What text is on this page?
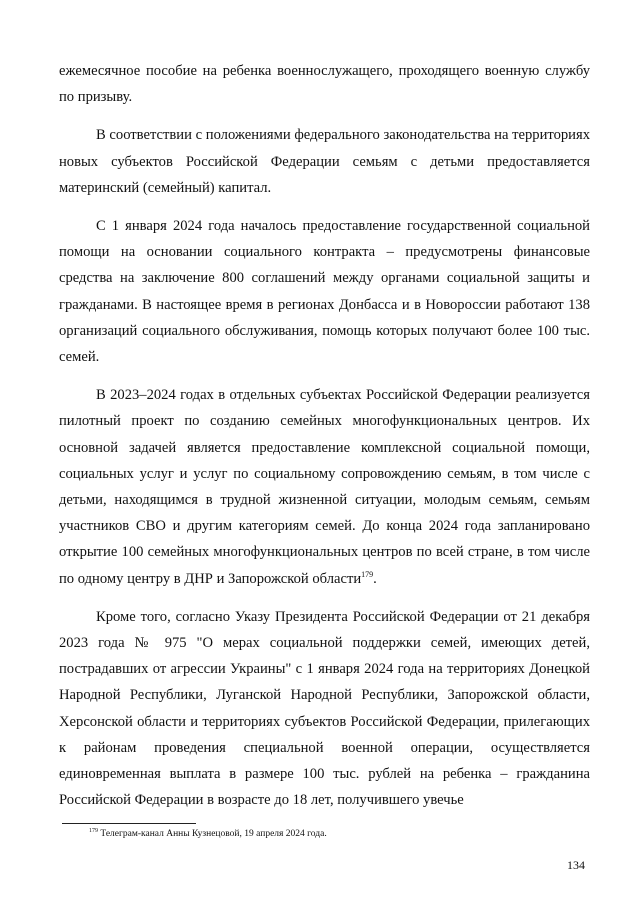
ежемесячное пособие на ребенка военнослужащего, проходящего военную службу по призыву.

В соответствии с положениями федерального законодательства на территориях новых субъектов Российской Федерации семьям с детьми предоставляется материнский (семейный) капитал.

С 1 января 2024 года началось предоставление государственной социальной помощи на основании социального контракта – предусмотрены финансовые средства на заключение 800 соглашений между органами социальной защиты и гражданами. В настоящее время в регионах Донбасса и в Новороссии работают 138 организаций социального обслуживания, помощь которых получают более 100 тыс. семей.

В 2023–2024 годах в отдельных субъектах Российской Федерации реализуется пилотный проект по созданию семейных многофункциональных центров. Их основной задачей является предоставление комплексной социальной помощи, социальных услуг и услуг по социальному сопровождению семьям, в том числе с детьми, находящимся в трудной жизненной ситуации, молодым семьям, семьям участников СВО и другим категориям семей. До конца 2024 года запланировано открытие 100 семейных многофункциональных центров по всей стране, в том числе по одному центру в ДНР и Запорожской области$^{179}$.

Кроме того, согласно Указу Президента Российской Федерации от 21 декабря 2023 года № 975 "О мерах социальной поддержки семей, имеющих детей, пострадавших от агрессии Украины" с 1 января 2024 года на территориях Донецкой Народной Республики, Луганской Народной Республики, Запорожской области, Херсонской области и территориях субъектов Российской Федерации, прилегающих к районам проведения специальной военной операции, осуществляется единовременная выплата в размере 100 тыс. рублей на ребенка – гражданина Российской Федерации в возрасте до 18 лет, получившего увечье

$^{179}$ Телеграм-канал Анны Кузнецовой, 19 апреля 2024 года.
134
